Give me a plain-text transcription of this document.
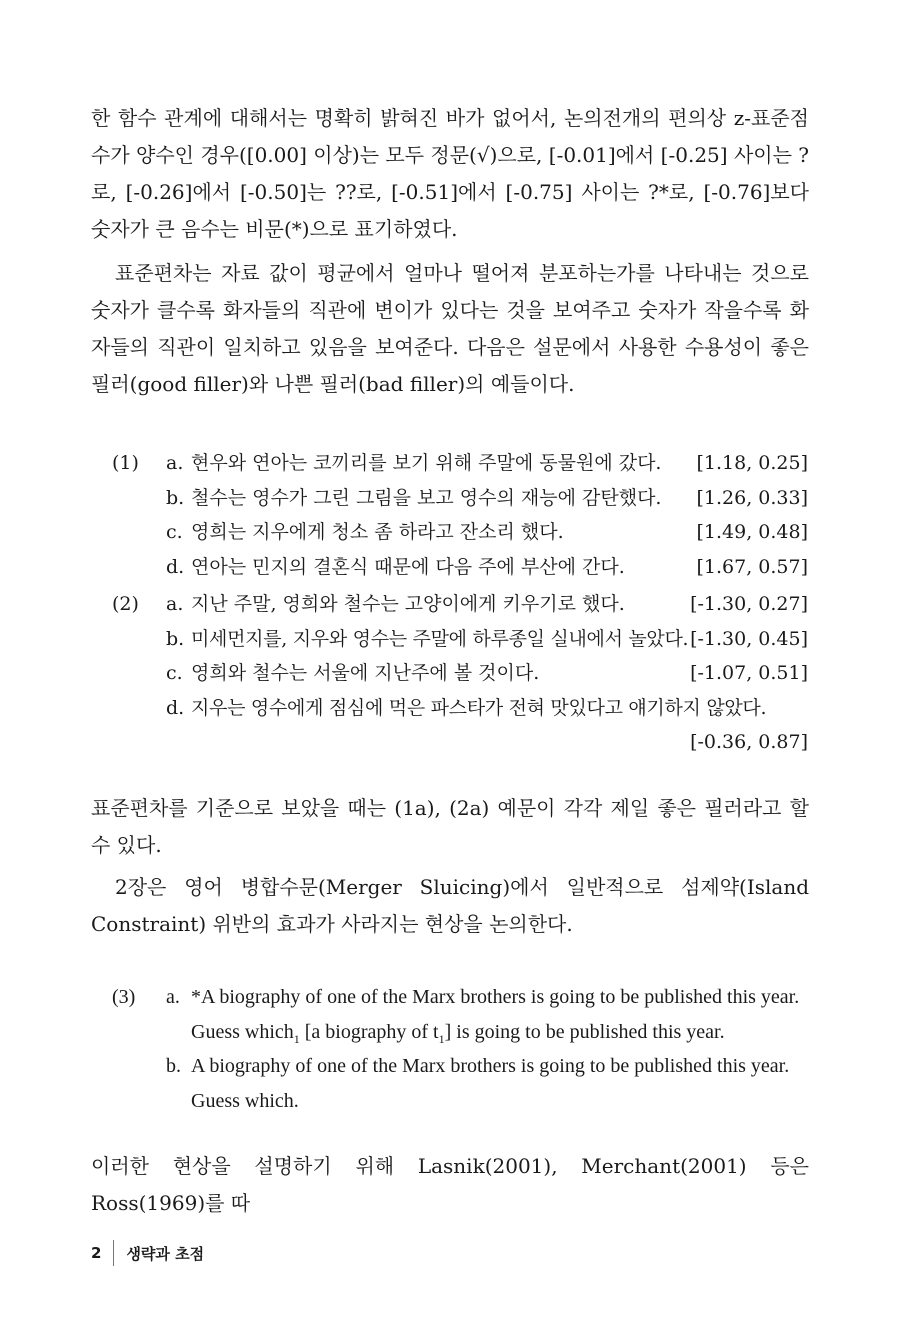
한 함수 관계에 대해서는 명확히 밝혀진 바가 없어서, 논의전개의 편의상 z-표준점수가 양수인 경우([0.00] 이상)는 모두 정문(√)으로, [-0.01]에서 [-0.25] 사이는 ?로, [-0.26]에서 [-0.50]는 ??로, [-0.51]에서 [-0.75] 사이는 ?*로, [-0.76]보다 숫자가 큰 음수는 비문(*)으로 표기하였다.

표준편차는 자료 값이 평균에서 얼마나 떨어져 분포하는가를 나타내는 것으로 숫자가 클수록 화자들의 직관에 변이가 있다는 것을 보여주고 숫자가 작을수록 화자들의 직관이 일치하고 있음을 보여준다. 다음은 설문에서 사용한 수용성이 좋은 필러(good filler)와 나쁜 필러(bad filler)의 예들이다.

(1) a. 현우와 연아는 코끼리를 보기 위해 주말에 동물원에 갔다. [1.18, 0.25]
b. 철수는 영수가 그린 그림을 보고 영수의 재능에 감탄했다. [1.26, 0.33]
c. 영희는 지우에게 청소 좀 하라고 잔소리 했다.	[1.49, 0.48]
d. 연아는 민지의 결혼식 때문에 다음 주에 부산에 간다.	[1.67, 0.57]
(2) a. 지난 주말, 영희와 철수는 고양이에게 키우기로 했다.	[-1.30, 0.27]
b. 미세먼지를, 지우와 영수는 주말에 하루종일 실내에서 놀았다. [-1.30, 0.45]
c. 영희와 철수는 서울에 지난주에 볼 것이다.	[-1.07, 0.51]
d. 지우는 영수에게 점심에 먹은 파스타가 전혀 맛있다고 얘기하지 않았다.
[-0.36, 0.87]

표준편차를 기준으로 보았을 때는 (1a), (2a) 예문이 각각 제일 좋은 필러라고 할 수 있다.

2장은 영어 병합수문(Merger Sluicing)에서 일반적으로 섬제약(Island Constraint) 위반의 효과가 사라지는 현상을 논의한다.

(3) a. *A biography of one of the Marx brothers is going to be published this year.
Guess which$_1$ [a biography of $t_1$] is going to be published this year.
b. A biography of one of the Marx brothers is going to be published this year.
Guess which.

이러한 현상을 설명하기 위해 Lasnik(2001), Merchant(2001) 등은 Ross(1969)를 따

2 생략과 초점
